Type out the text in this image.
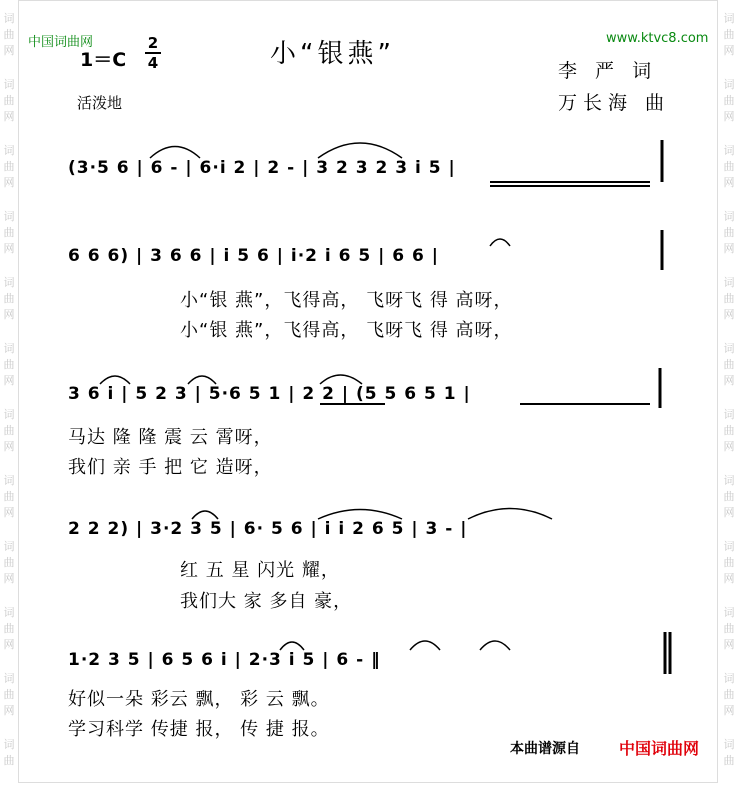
词
曲
网
词
曲
网
词
曲
网
词
曲
网
词
曲
网
词
曲
网
词
曲
网
词
曲
网
词
曲
网
词
曲
网
词
曲
网
词
曲
词
曲
网
词
曲
网
词
曲
网
词
曲
网
词
曲
网
词
曲
网
词
曲
网
词
曲
网
词
曲
网
词
曲
网
词
曲
网
词
曲
中国词曲网	www.ktvc8.com
1＝C
2
4	小“银燕”
李 严 词
活泼地	万长海 曲
(3·5 6 | 6 - | 6·i 2 | 2 - | 3 2 3 2 3 i 5 |
6 6 6) | 3 6 6 | i 5 6 | i·2 i 6 5 | 6 6 |
3 6 i | 5 2 3 | 5·6 5 1 | 2 2 | (5 5 6 5 1 |
2 2 2) | 3·2 3 5 | 6· 5 6 | i i 2 6 5 | 3 - |
1·2 3 5 | 6 5 6 i | 2·3 i 5 | 6 - ‖
小“银 燕”，飞得高， 飞呀飞 得 高呀，
小“银 燕”，飞得高， 飞呀飞 得 高呀，
马达 隆 隆 震 云 霄呀，
我们 亲 手 把 它 造呀，
红 五 星 闪光 耀，
我们大 家 多自 豪，
好似一朵 彩云 飘， 彩 云 飘。
学习科学 传捷 报， 传 捷 报。
本曲谱源自 中国词曲网
